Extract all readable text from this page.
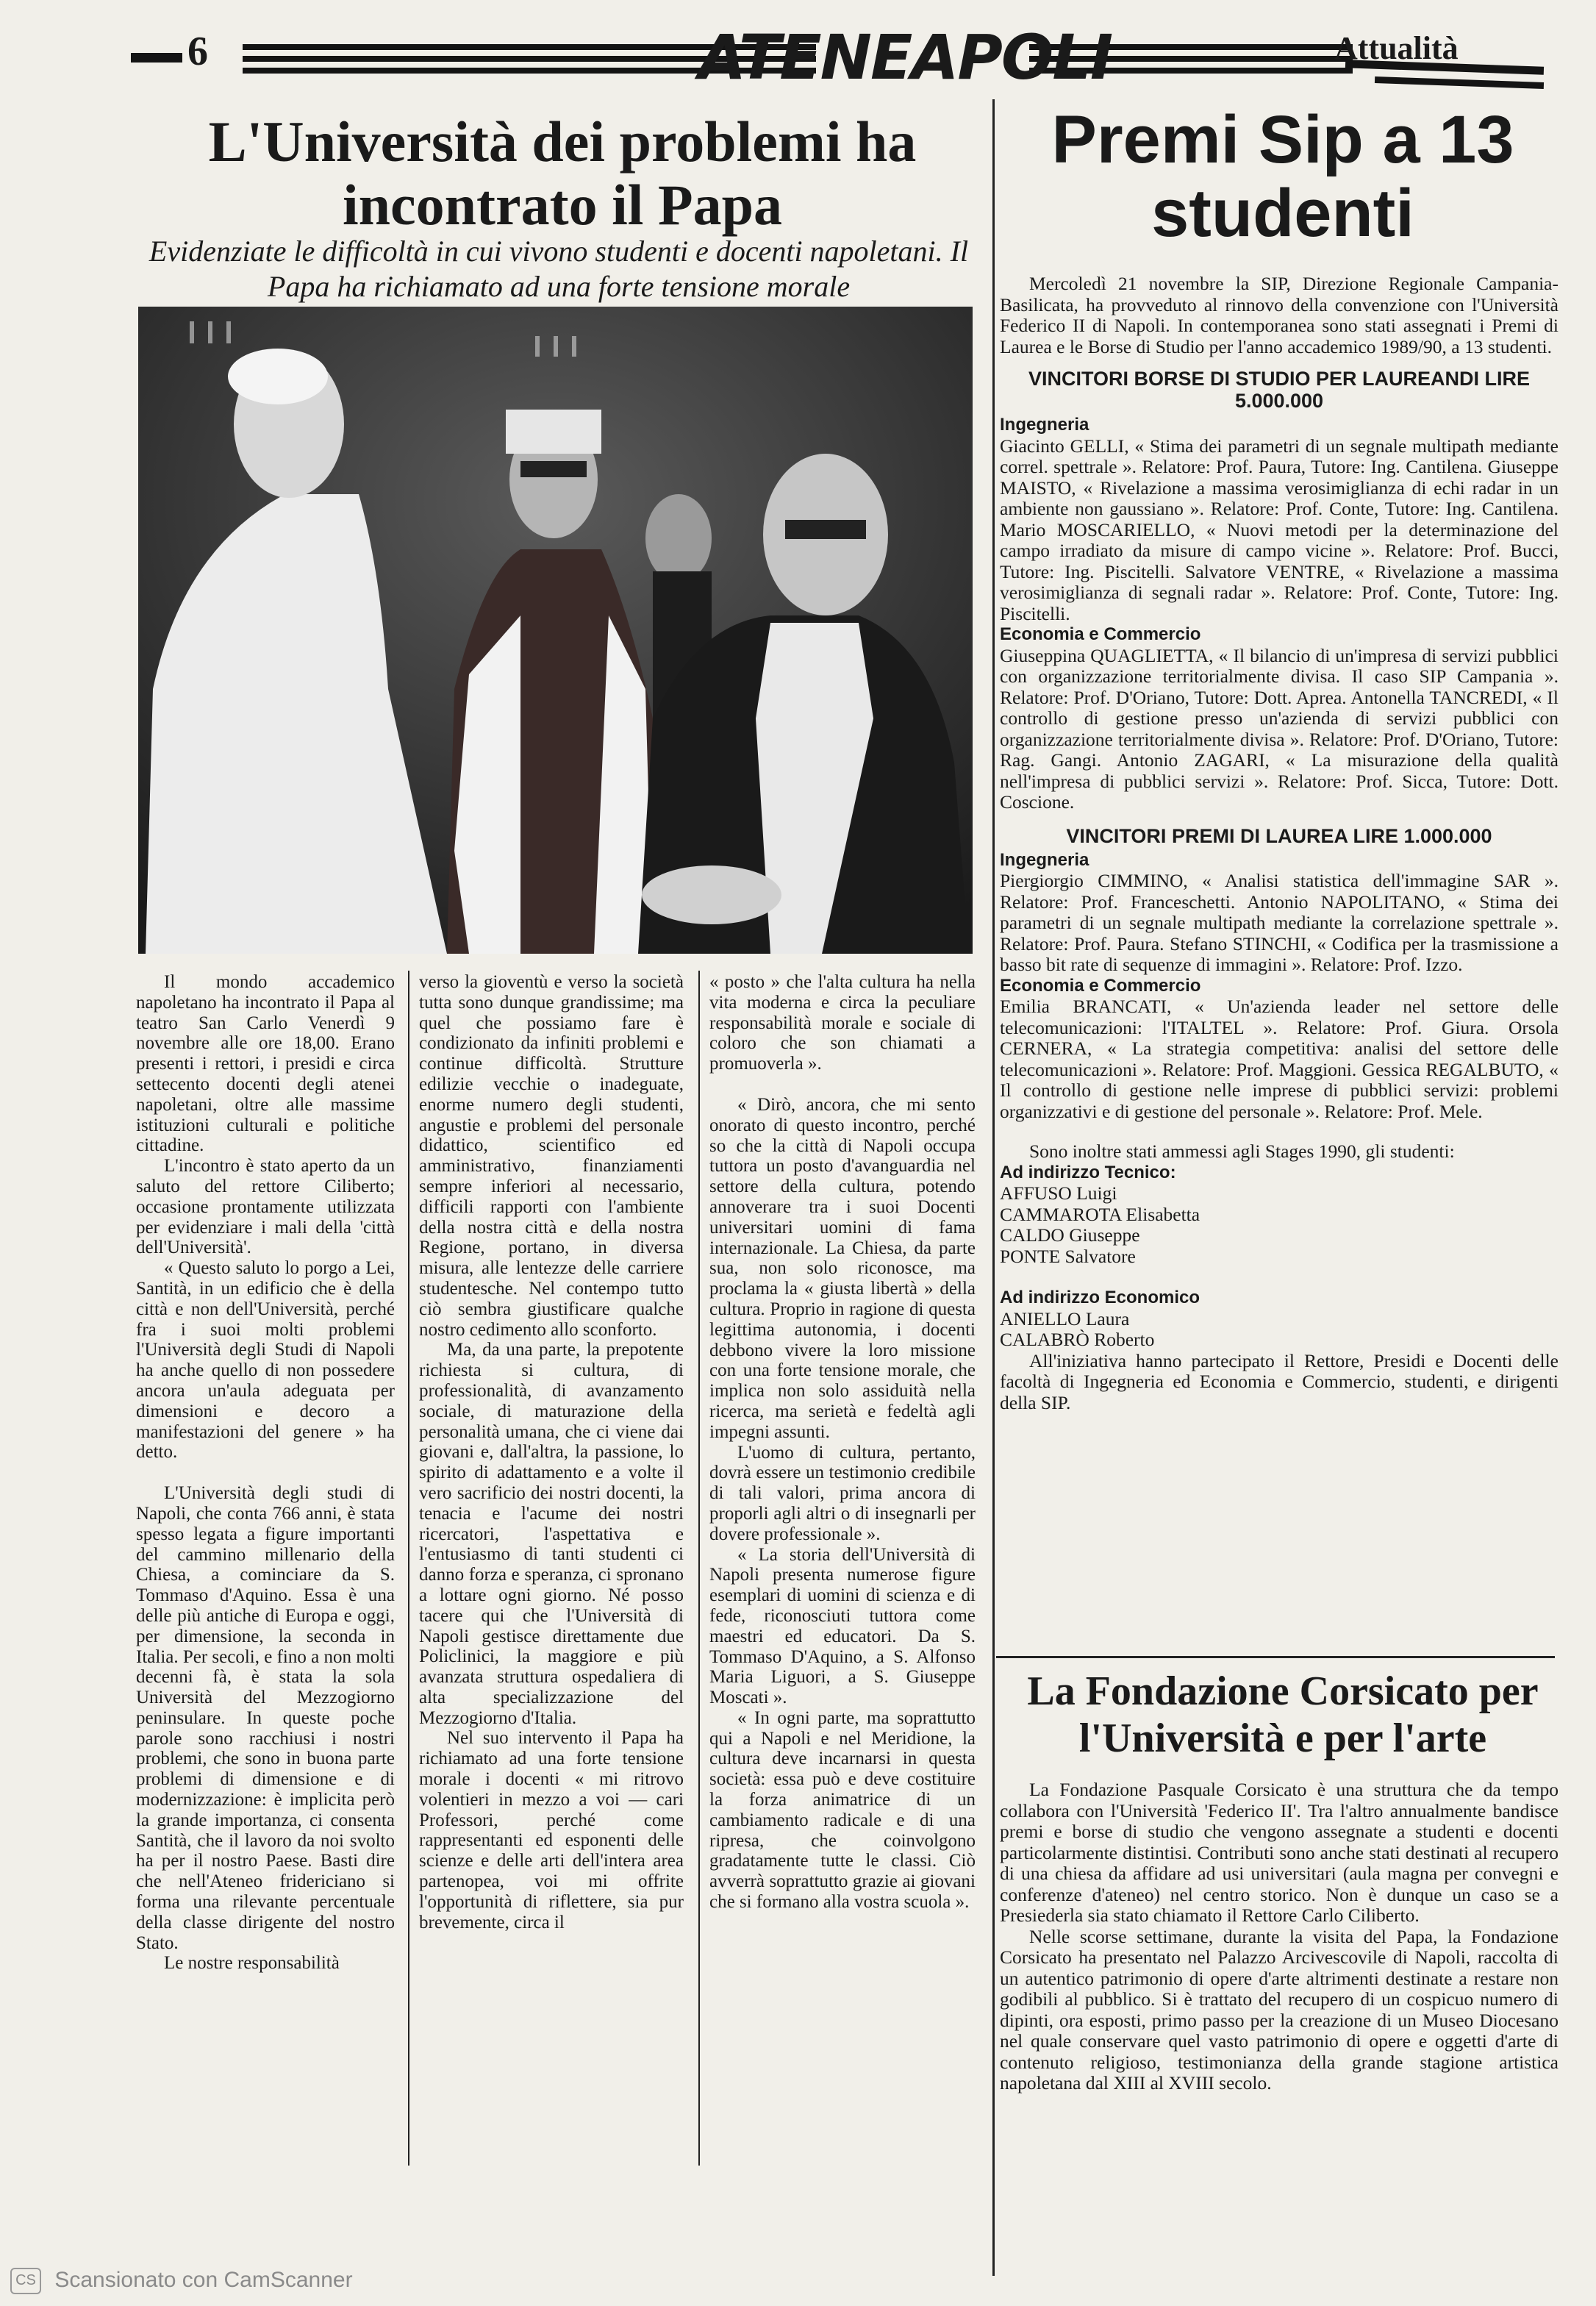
6	ATENEAPOLI	Attualità
L'Università dei problemi ha incontrato il Papa
Evidenziate le difficoltà in cui vivono studenti e docenti napoletani. Il Papa ha richiamato ad una forte tensione morale

Il mondo accademico napoletano ha incontrato il Papa al teatro San Carlo Venerdì 9 novembre alle ore 18,00. Erano presenti i rettori, i presidi e circa settecento docenti degli atenei napoletani, oltre alle massime istituzioni culturali e politiche cittadine.

L'incontro è stato aperto da un saluto del rettore Ciliberto; occasione prontamente utilizzata per evidenziare i mali della 'città dell'Università'.

« Questo saluto lo porgo a Lei, Santità, in un edificio che è della città e non dell'Università, perché fra i suoi molti problemi l'Università degli Studi di Napoli ha anche quello di non possedere ancora un'aula adeguata per dimensioni e decoro a manifestazioni del genere » ha detto.

L'Università degli studi di Napoli, che conta 766 anni, è stata spesso legata a figure importanti del cammino millenario della Chiesa, a cominciare da S. Tommaso d'Aquino. Essa è una delle più antiche di Europa e oggi, per dimensione, la seconda in Italia. Per secoli, e fino a non molti decenni fà, è stata la sola Università del Mezzogiorno peninsulare. In queste poche parole sono racchiusi i nostri problemi, che sono in buona parte problemi di dimensione e di modernizzazione: è implicita però la grande importanza, ci consenta Santità, che il lavoro da noi svolto ha per il nostro Paese. Basti dire che nell'Ateneo fridericiano si forma una rilevante percentuale della classe dirigente del nostro Stato.

Le nostre responsabilità

verso la gioventù e verso la società tutta sono dunque grandissime; ma quel che possiamo fare è condizionato da infiniti problemi e continue difficoltà. Strutture edilizie vecchie o inadeguate, enorme numero degli studenti, angustie e problemi del personale didattico, scientifico ed amministrativo, finanziamenti sempre inferiori al necessario, difficili rapporti con l'ambiente della nostra città e della nostra Regione, portano, in diversa misura, alle lentezze delle carriere studentesche. Nel contempo tutto ciò sembra giustificare qualche nostro cedimento allo sconforto.

Ma, da una parte, la prepotente richiesta si cultura, di professionalità, di avanzamento sociale, di maturazione della personalità umana, che ci viene dai giovani e, dall'altra, la passione, lo spirito di adattamento e a volte il vero sacrificio dei nostri docenti, la tenacia e l'acume dei nostri ricercatori, l'aspettativa e l'entusiasmo di tanti studenti ci danno forza e speranza, ci spronano a lottare ogni giorno. Né posso tacere qui che l'Università di Napoli gestisce direttamente due Policlinici, la maggiore e più avanzata struttura ospedaliera di alta specializzazione del Mezzogiorno d'Italia.

Nel suo intervento il Papa ha richiamato ad una forte tensione morale i docenti « mi ritrovo volentieri in mezzo a voi — cari Professori, perché come rappresentanti ed esponenti delle scienze e delle arti dell'intera area partenopea, voi mi offrite l'opportunità di riflettere, sia pur brevemente, circa il

« posto » che l'alta cultura ha nella vita moderna e circa la peculiare responsabilità morale e sociale di coloro che son chiamati a promuoverla ».

« Dirò, ancora, che mi sento onorato di questo incontro, perché so che la città di Napoli occupa tuttora un posto d'avanguardia nel settore della cultura, potendo annoverare tra i suoi Docenti universitari uomini di fama internazionale. La Chiesa, da parte sua, non solo riconosce, ma proclama la « giusta libertà » della cultura. Proprio in ragione di questa legittima autonomia, i docenti debbono vivere la loro missione con una forte tensione morale, che implica non solo assiduità nella ricerca, ma serietà e fedeltà agli impegni assunti.

L'uomo di cultura, pertanto, dovrà essere un testimonio credibile di tali valori, prima ancora di proporli agli altri o di insegnarli per dovere professionale ».

« La storia dell'Università di Napoli presenta numerose figure esemplari di uomini di scienza e di fede, riconosciuti tuttora come maestri ed educatori. Da S. Tommaso D'Aquino, a S. Alfonso Maria Liguori, a S. Giuseppe Moscati ».

« In ogni parte, ma soprattutto qui a Napoli e nel Meridione, la cultura deve incarnarsi in questa società: essa può e deve costituire la forza animatrice di un cambiamento radicale e di una ripresa, che coinvolgono gradatamente tutte le classi. Ciò avverrà soprattutto grazie ai giovani che si formano alla vostra scuola ».

Premi Sip a 13 studenti

Mercoledì 21 novembre la SIP, Direzione Regionale Campania-Basilicata, ha provveduto al rinnovo della convenzione con l'Università Federico II di Napoli. In contemporanea sono stati assegnati i Premi di Laurea e le Borse di Studio per l'anno accademico 1989/90, a 13 studenti.

VINCITORI BORSE DI STUDIO PER LAUREANDI LIRE 5.000.000
Ingegneria

Giacinto GELLI, « Stima dei parametri di un segnale multipath mediante correl. spettrale ». Relatore: Prof. Paura, Tutore: Ing. Cantilena. Giuseppe MAISTO, « Rivelazione a massima verosimiglianza di echi radar in un ambiente non gaussiano ». Relatore: Prof. Conte, Tutore: Ing. Cantilena. Mario MOSCARIELLO, « Nuovi metodi per la determinazione del campo irradiato da misure di campo vicine ». Relatore: Prof. Bucci, Tutore: Ing. Piscitelli. Salvatore VENTRE, « Rivelazione a massima verosimiglianza di segnali radar ». Relatore: Prof. Conte, Tutore: Ing. Piscitelli.

Economia e Commercio

Giuseppina QUAGLIETTA, « Il bilancio di un'impresa di servizi pubblici con organizzazione territorialmente divisa. Il caso SIP Campania ». Relatore: Prof. D'Oriano, Tutore: Dott. Aprea. Antonella TANCREDI, « Il controllo di gestione presso un'azienda di servizi pubblici con organizzazione territorialmente divisa ». Relatore: Prof. D'Oriano, Tutore: Rag. Gangi. Antonio ZAGARI, « La misurazione della qualità nell'impresa di pubblici servizi ». Relatore: Prof. Sicca, Tutore: Dott. Coscione.

VINCITORI PREMI DI LAUREA LIRE 1.000.000
Ingegneria

Piergiorgio CIMMINO, « Analisi statistica dell'immagine SAR ». Relatore: Prof. Franceschetti. Antonio NAPOLITANO, « Stima dei parametri di un segnale multipath mediante la correlazione spettrale ». Relatore: Prof. Paura. Stefano STINCHI, « Codifica per la trasmissione a basso bit rate di sequenze di immagini ». Relatore: Prof. Izzo.

Economia e Commercio

Emilia BRANCATI, « Un'azienda leader nel settore delle telecomunicazioni: l'ITALTEL ». Relatore: Prof. Giura. Orsola CERNERA, « La strategia competitiva: analisi del settore delle telecomunicazioni ». Relatore: Prof. Maggioni. Gessica REGALBUTO, « Il controllo di gestione nelle imprese di pubblici servizi: problemi organizzativi e di gestione del personale ». Relatore: Prof. Mele.

Sono inoltre stati ammessi agli Stages 1990, gli studenti:

Ad indirizzo Tecnico:
AFFUSO Luigi
CAMMAROTA Elisabetta
CALDO Giuseppe
PONTE Salvatore
Ad indirizzo Economico
ANIELLO Laura
CALABRÒ Roberto

All'iniziativa hanno partecipato il Rettore, Presidi e Docenti delle facoltà di Ingegneria ed Economia e Commercio, studenti, e dirigenti della SIP.

La Fondazione Corsicato per l'Università e per l'arte

La Fondazione Pasquale Corsicato è una struttura che da tempo collabora con l'Università 'Federico II'. Tra l'altro annualmente bandisce premi e borse di studio che vengono assegnate a studenti e docenti particolarmente distintisi. Contributi sono anche stati destinati al recupero di una chiesa da affidare ad usi universitari (aula magna per convegni e conferenze d'ateneo) nel centro storico. Non è dunque un caso se a Presiederla sia stato chiamato il Rettore Carlo Ciliberto.

Nelle scorse settimane, durante la visita del Papa, la Fondazione Corsicato ha presentato nel Palazzo Arcivescovile di Napoli, raccolta di un autentico patrimonio di opere d'arte altrimenti destinate a restare non godibili al pubblico. Si è trattato del recupero di un cospicuo numero di dipinti, ora esposti, primo passo per la creazione di un Museo Diocesano nel quale conservare quel vasto patrimonio di opere e oggetti d'arte di contenuto religioso, testimonianza della grande stagione artistica napoletana dal XIII al XVIII secolo.

CS Scansionato con CamScanner
